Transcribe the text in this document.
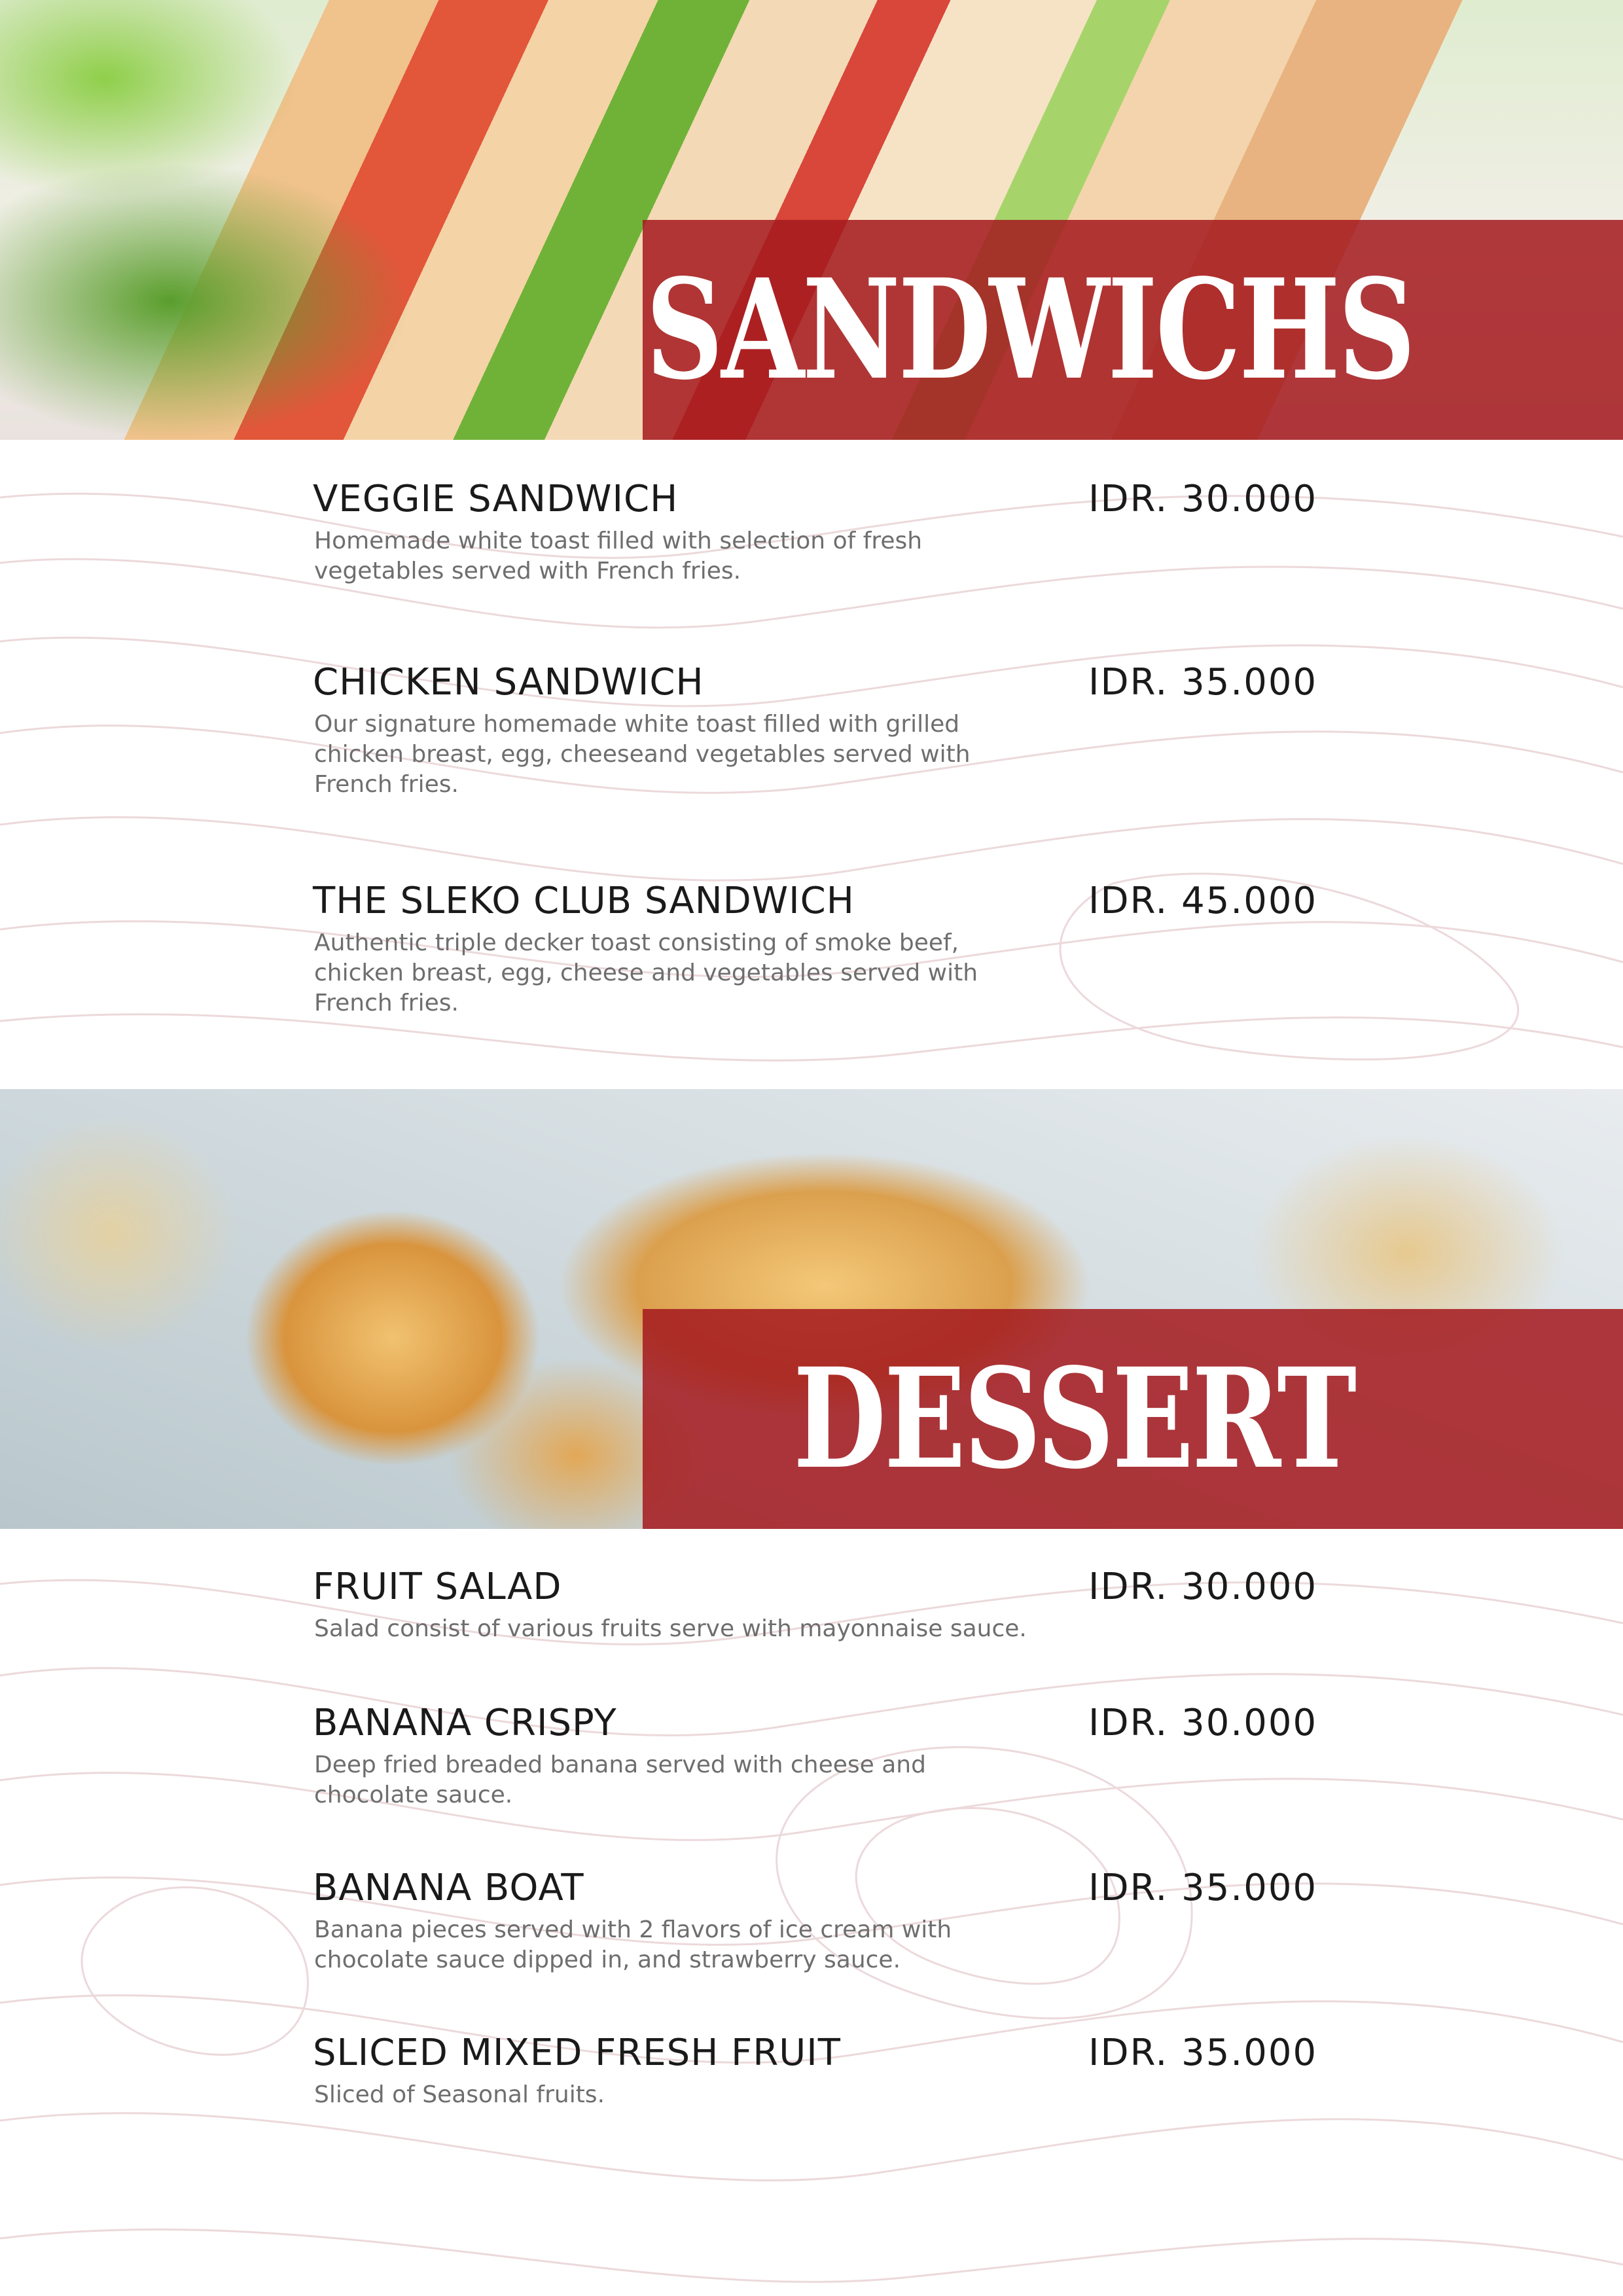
SANDWICHS
VEGGIE SANDWICH	IDR. 30.000

Homemade white toast filled with selection of fresh vegetables served with French fries.

CHICKEN SANDWICH	IDR. 35.000

Our signature homemade white toast filled with grilled chicken breast, egg, cheeseand vegetables served with French fries.

THE SLEKO CLUB SANDWICH	IDR. 45.000

Authentic triple decker toast consisting of smoke beef, chicken breast, egg, cheese and vegetables served with French fries.

DESSERT
FRUIT SALAD	IDR. 30.000

Salad consist of various fruits serve with mayonnaise sauce.

BANANA CRISPY	IDR. 30.000

Deep fried breaded banana served with cheese and chocolate sauce.

BANANA BOAT	IDR. 35.000

Banana pieces served with 2 flavors of ice cream with chocolate sauce dipped in, and strawberry sauce.

SLICED MIXED FRESH FRUIT	IDR. 35.000

Sliced of Seasonal fruits.
